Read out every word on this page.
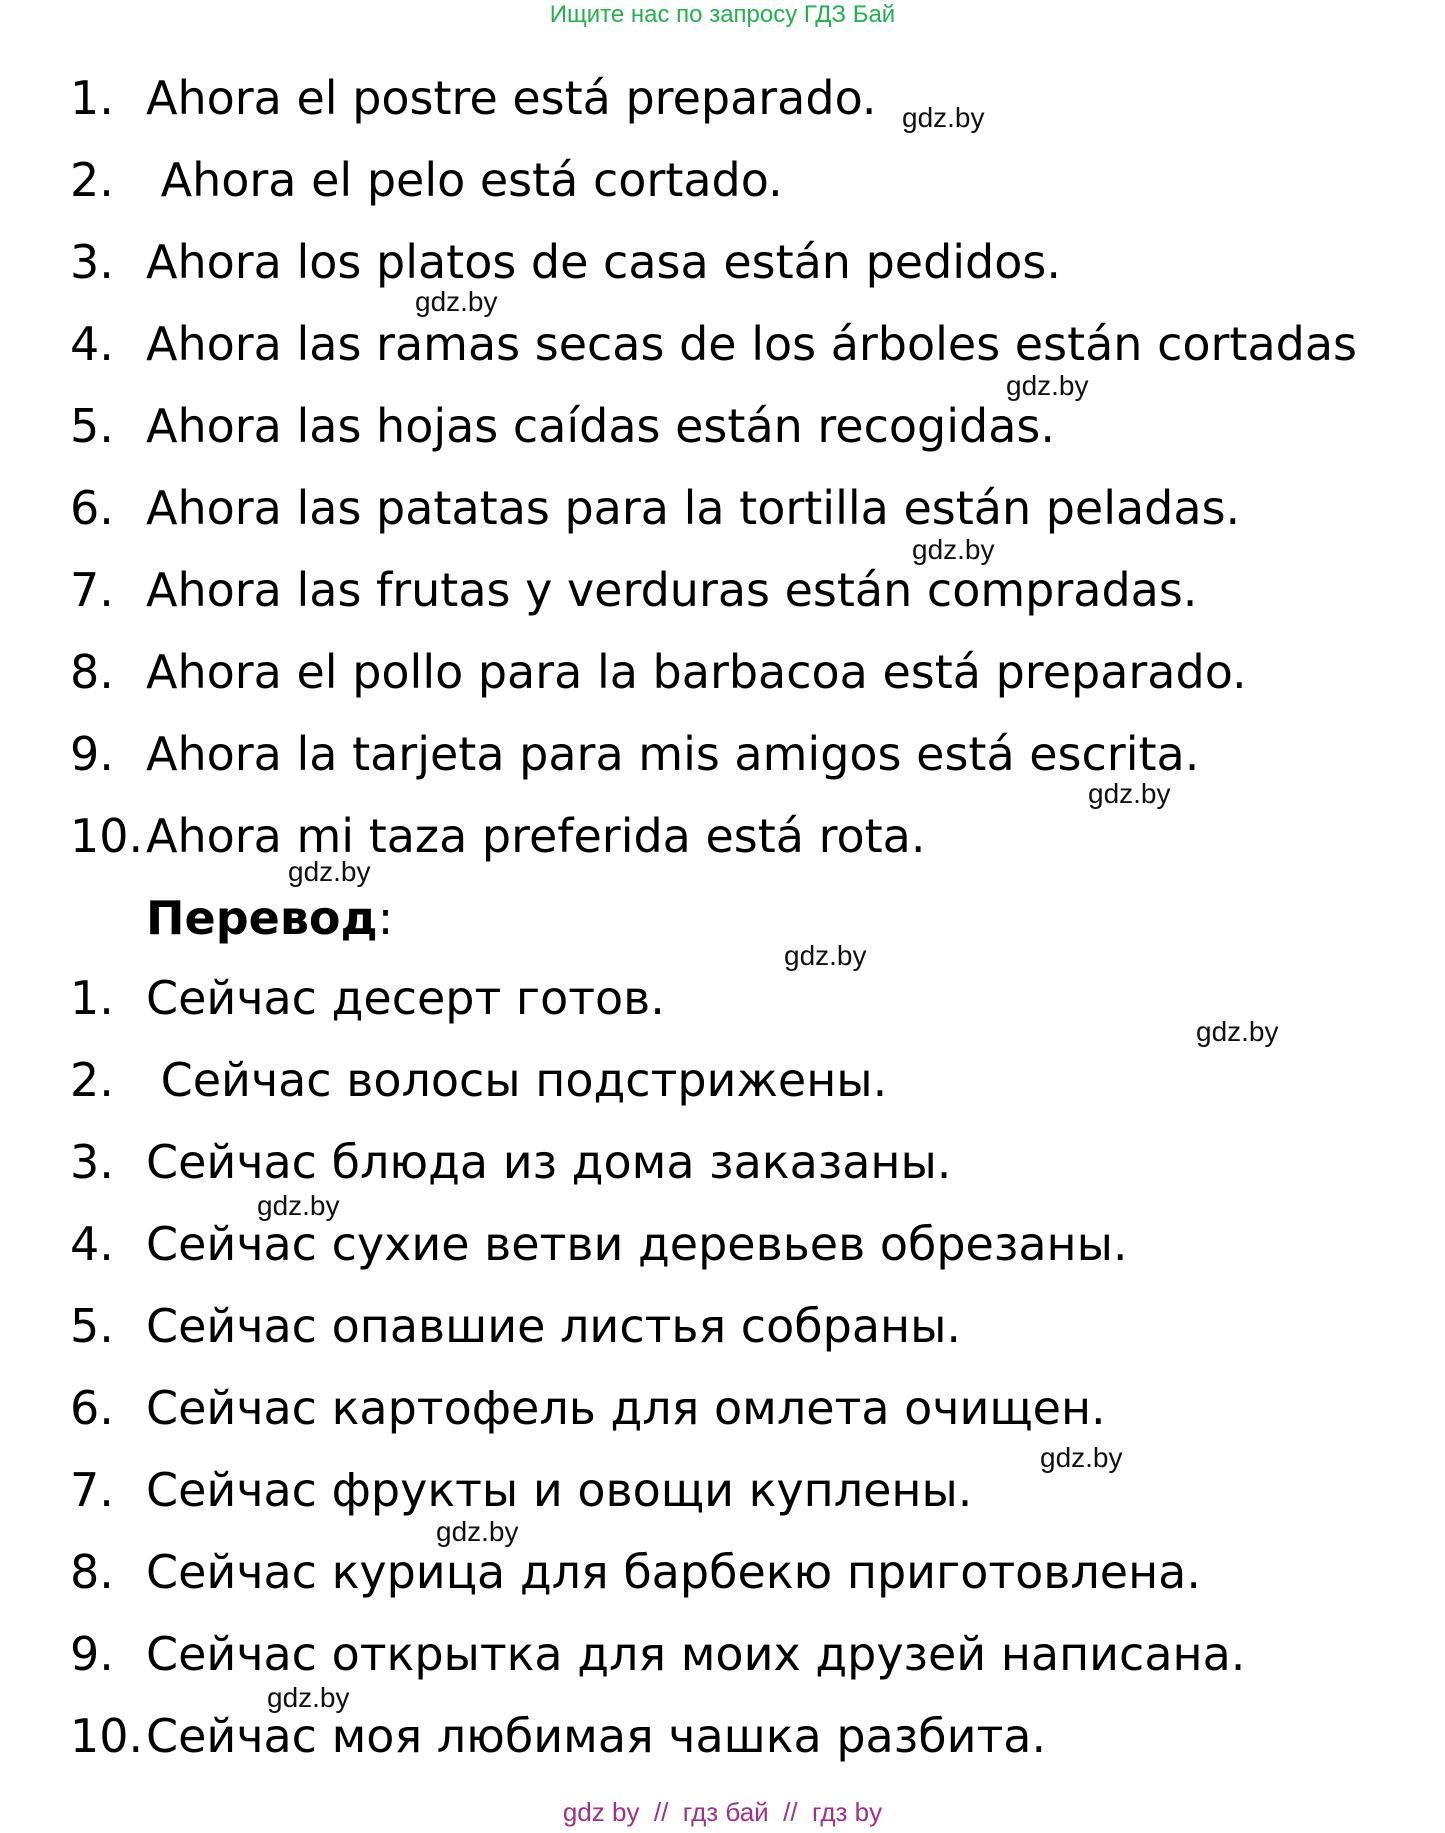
Ищите нас по запросу ГДЗ Бай
1. Ahora el postre está preparado.
2. Ahora el pelo está cortado.
3. Ahora los platos de casa están pedidos.
4. Ahora las ramas secas de los árboles están cortadas
5. Ahora las hojas caídas están recogidas.
6. Ahora las patatas para la tortilla están peladas.
7. Ahora las frutas y verduras están compradas.
8. Ahora el pollo para la barbacoa está preparado.
9. Ahora la tarjeta para mis amigos está escrita.
10.Ahora mi taza preferida está rota.
Перевод:
1. Сейчас десерт готов.
2. Сейчас волосы подстрижены.
3. Сейчас блюда из дома заказаны.
4. Сейчас сухие ветви деревьев обрезаны.
5. Сейчас опавшие листья собраны.
6. Сейчас картофель для омлета очищен.
7. Сейчас фрукты и овощи куплены.
8. Сейчас курица для барбекю приготовлена.
9. Сейчас открытка для моих друзей написана.
10.Сейчас моя любимая чашка разбита.
gdz.by
gdz.by
gdz.by
gdz.by
gdz.by
gdz.by
gdz.by
gdz.by
gdz.by
gdz.by
gdz.by
gdz.by
gdz by  //  гдз бай  //  гдз by
